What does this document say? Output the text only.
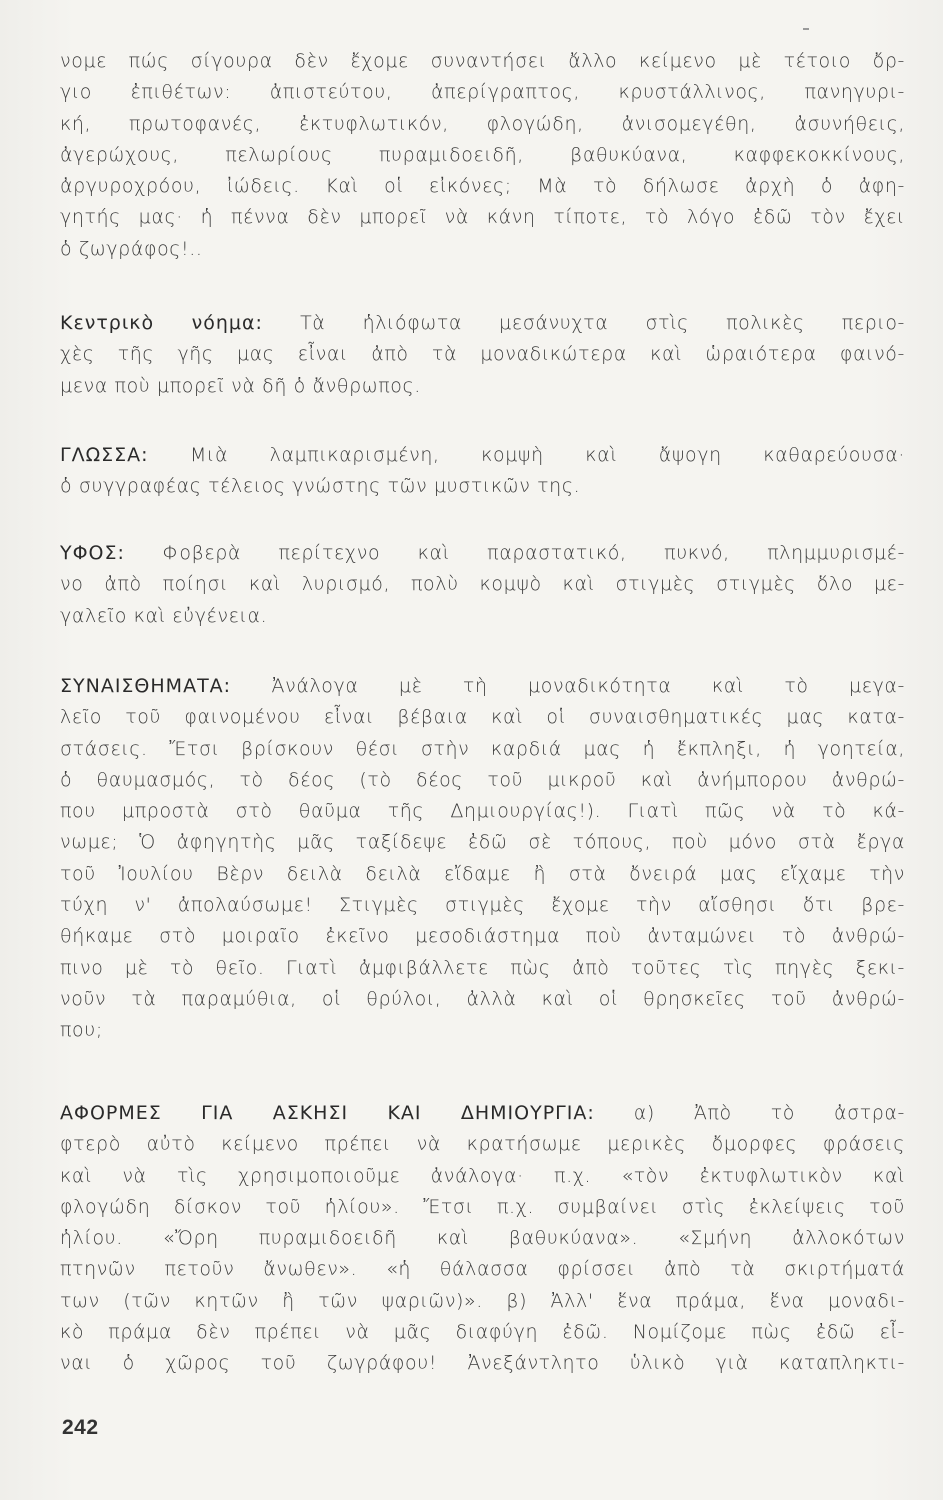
νομε πώς σίγουρα δὲν ἔχομε συναντήσει ἄλλο κείμενο μὲ τέτοιο ὄρ-
γιο ἐπιθέτων: ἀπιστεύτου, ἀπερίγραπτος, κρυστάλλινος, πανηγυρι-
κή, πρωτοφανές, ἐκτυφλωτικόν, φλογώδη, ἀνισομεγέθη, ἀσυνήθεις,
ἀγερώχους, πελωρίους πυραμιδοειδῆ, βαθυκύανα, καφφεκοκκίνους,
ἀργυροχρόου, ἰώδεις. Καὶ οἱ εἰκόνες; Μὰ τὸ δήλωσε ἀρχὴ ὁ ἀφη-
γητής μας· ἡ πέννα δὲν μπορεῖ νὰ κάνη τίποτε, τὸ λόγο ἐδῶ τὸν ἔχει
ὁ ζωγράφος!..
Κεντρικὸ νόημα: Τὰ ἡλιόφωτα μεσάνυχτα στὶς πολικὲς περιο-
χὲς τῆς γῆς μας εἶναι ἀπὸ τὰ μοναδικώτερα καὶ ὡραιότερα φαινό-
μενα ποὺ μπορεῖ νὰ δῆ ὁ ἄνθρωπος.
ΓΛΩΣΣΑ: Μιὰ λαμπικαρισμένη, κομψὴ καὶ ἄψογη καθαρεύουσα·
ὁ συγγραφέας τέλειος γνώστης τῶν μυστικῶν της.
ΥΦΟΣ: Φοβερὰ περίτεχνο καὶ παραστατικό, πυκνό, πλημμυρισμέ-
νο ἀπὸ ποίησι καὶ λυρισμό, πολὺ κομψὸ καὶ στιγμὲς στιγμὲς ὅλο με-
γαλεῖο καὶ εὐγένεια.
ΣΥΝΑΙΣΘΗΜΑΤΑ: Ἀνάλογα μὲ τὴ μοναδικότητα καὶ τὸ μεγα-
λεῖο τοῦ φαινομένου εἶναι βέβαια καὶ οἱ συναισθηματικές μας κατα-
στάσεις. Ἔτσι βρίσκουν θέσι στὴν καρδιά μας ἡ ἔκπληξι, ἡ γοητεία,
ὁ θαυμασμός, τὸ δέος (τὸ δέος τοῦ μικροῦ καὶ ἀνήμπορου ἀνθρώ-
που μπροστὰ στὸ θαῦμα τῆς Δημιουργίας!). Γιατὶ πῶς νὰ τὸ κά-
νωμε; Ὁ ἀφηγητὴς μᾶς ταξίδεψε ἐδῶ σὲ τόπους, ποὺ μόνο στὰ ἔργα
τοῦ Ἰουλίου Βὲρν δειλὰ δειλὰ εἴδαμε ἢ στὰ ὄνειρά μας εἴχαμε τὴν
τύχη ν' ἀπολαύσωμε! Στιγμὲς στιγμὲς ἔχομε τὴν αἴσθησι ὅτι βρε-
θήκαμε στὸ μοιραῖο ἐκεῖνο μεσοδιάστημα ποὺ ἀνταμώνει τὸ ἀνθρώ-
πινο μὲ τὸ θεῖο. Γιατὶ ἀμφιβάλλετε πὼς ἀπὸ τοῦτες τὶς πηγὲς ξεκι-
νοῦν τὰ παραμύθια, οἱ θρύλοι, ἀλλὰ καὶ οἱ θρησκεῖες τοῦ ἀνθρώ-
που;
ΑΦΟΡΜΕΣ ΓΙΑ ΑΣΚΗΣΙ ΚΑΙ ΔΗΜΙΟΥΡΓΙΑ: α) Ἀπὸ τὸ ἀστρα-
φτερὸ αὐτὸ κείμενο πρέπει νὰ κρατήσωμε μερικὲς ὄμορφες φράσεις
καὶ νὰ τὶς χρησιμοποιοῦμε ἀνάλογα· π.χ. «τὸν ἐκτυφλωτικὸν καὶ
φλογώδη δίσκον τοῦ ἡλίου». Ἔτσι π.χ. συμβαίνει στὶς ἐκλείψεις τοῦ
ἡλίου. «Ὄρη πυραμιδοειδῆ καὶ βαθυκύανα». «Σμήνη ἀλλοκότων
πτηνῶν πετοῦν ἄνωθεν». «ἡ θάλασσα φρίσσει ἀπὸ τὰ σκιρτήματά
των (τῶν κητῶν ἢ τῶν ψαριῶν)». β) Ἀλλ' ἕνα πράμα, ἕνα μοναδι-
κὸ πράμα δὲν πρέπει νὰ μᾶς διαφύγη ἐδῶ. Νομίζομε πὼς ἐδῶ εἶ-
ναι ὁ χῶρος τοῦ ζωγράφου! Ἀνεξάντλητο ὑλικὸ γιὰ καταπληκτι-
242
